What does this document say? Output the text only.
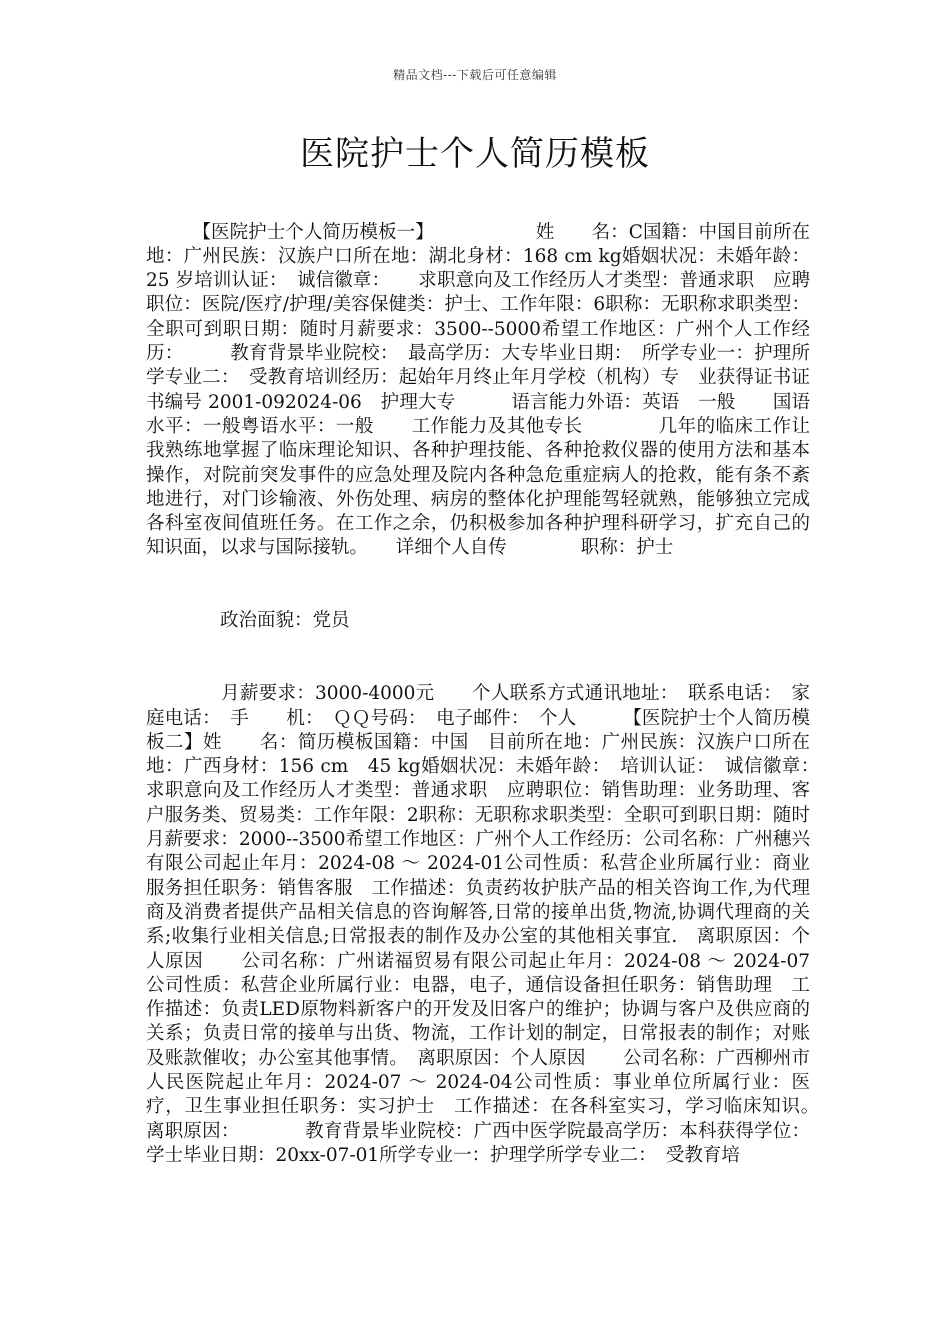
精品文档---下载后可任意编辑
医院护士个人简历模板

　　　【医院护士个人简历模板一】　　　　　　姓　　名：C国籍：中国目前所在地：广州民族：汉族户口所在地：湖北身材：168 cm kg婚姻状况：未婚年龄：25 岁培训认证：　诚信徽章：　　求职意向及工作经历人才类型：普通求职　应聘职位：医院/医疗/护理/美容保健类：护士、工作年限：6职称：无职称求职类型：全职可到职日期：随时月薪要求：3500--5000希望工作地区：广州个人工作经历：　　　教育背景毕业院校：　最高学历：大专毕业日期：　所学专业一：护理所学专业二：　受教育培训经历：起始年月终止年月学校（机构）专　业获得证书证书编号 2001-092024-06　护理大专　　　语言能力外语：英语　一般　　国语水平：一般粤语水平：一般　　工作能力及其他专长　　　　几年的临床工作让我熟练地掌握了临床理论知识、各种护理技能、各种抢救仪器的使用方法和基本操作，对院前突发事件的应急处理及院内各种急危重症病人的抢救，能有条不紊地进行，对门诊输液、外伤处理、病房的整体化护理能驾轻就熟，能够独立完成各科室夜间值班任务。在工作之余，仍积极参加各种护理科研学习，扩充自己的知识面，以求与国际接轨。　　详细个人自传　　　　职称：护士

　　　　政治面貌：党员

　　　　月薪要求：3000-4000元　　个人联系方式通讯地址：　联系电话：　家庭电话：　手　　机：　ＱＱ号码：　电子邮件：　个人　　　【医院护士个人简历模板二】姓　　名：简历模板国籍：中国　目前所在地：广州民族：汉族户口所在地：广西身材：156 cm　45 kg婚姻状况：未婚年龄：　培训认证：　诚信徽章：　求职意向及工作经历人才类型：普通求职　应聘职位：销售助理：业务助理、客户服务类、贸易类：工作年限：2职称：无职称求职类型：全职可到职日期：随时月薪要求：2000--3500希望工作地区：广州个人工作经历：公司名称：广州穗兴有限公司起止年月：2024-08 ～ 2024-01公司性质：私营企业所属行业：商业服务担任职务：销售客服　工作描述：负责药妆护肤产品的相关咨询工作,为代理商及消费者提供产品相关信息的咨询解答,日常的接单出货,物流,协调代理商的关系;收集行业相关信息;日常报表的制作及办公室的其他相关事宜.　离职原因：个人原因　　公司名称：广州诺福贸易有限公司起止年月：2024-08 ～ 2024-07公司性质：私营企业所属行业：电器，电子，通信设备担任职务：销售助理　工作描述：负责LED原物料新客户的开发及旧客户的维护；协调与客户及供应商的关系；负责日常的接单与出货、物流，工作计划的制定，日常报表的制作；对账及账款催收；办公室其他事情。　离职原因：个人原因　　公司名称：广西柳州市人民医院起止年月：2024-07 ～ 2024-04公司性质：事业单位所属行业：医疗，卫生事业担任职务：实习护士　工作描述：在各科室实习，学习临床知识。　离职原因：　　　　教育背景毕业院校：广西中医学院最高学历：本科获得学位：学士毕业日期：20xx-07-01所学专业一：护理学所学专业二：　受教育培
